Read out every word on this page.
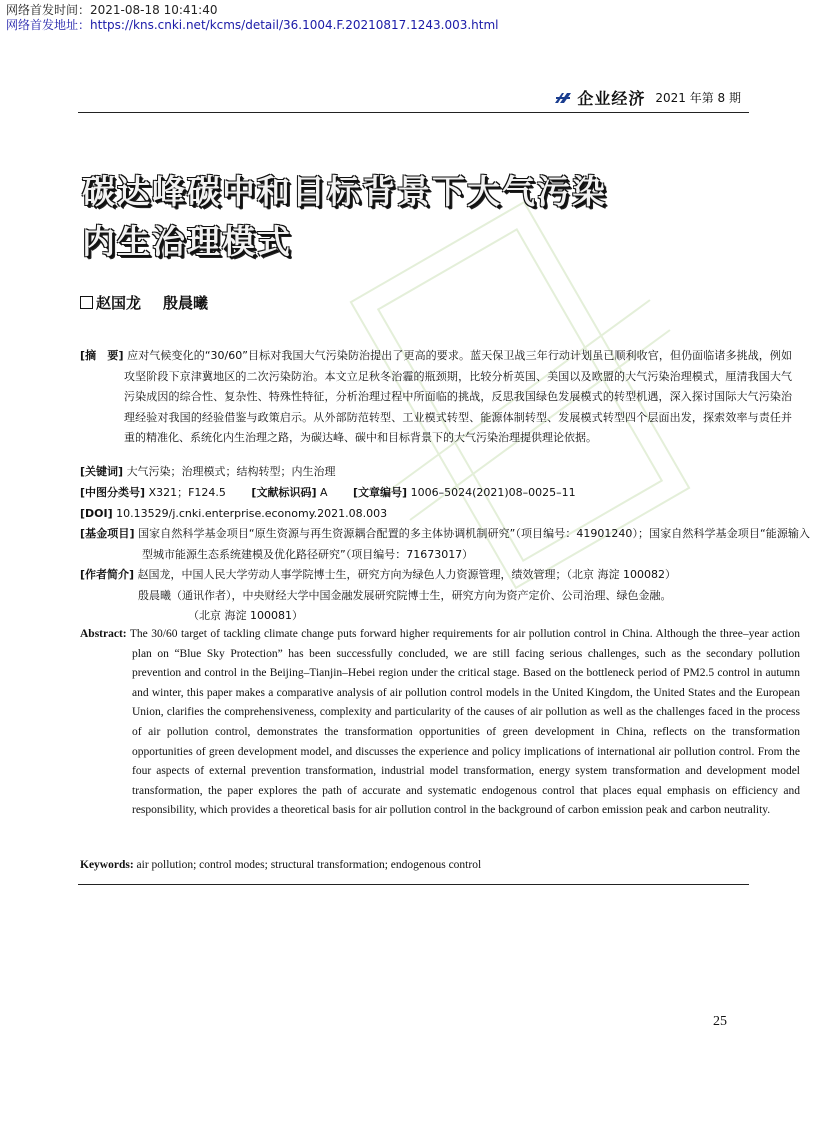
网络首发时间：2021-08-18 10:41:40
网络首发地址：https://kns.cnki.net/kcms/detail/36.1004.F.20210817.1243.003.html
企业经济 2021 年第 8 期
碳达峰碳中和目标背景下大气污染
内生治理模式
赵国龙 殷晨曦
[摘　要] 应对气候变化的“30/60”目标对我国大气污染防治提出了更高的要求。蓝天保卫战三年行动计划虽已顺利收官，但仍面临诸多挑战，例如攻坚阶段下京津冀地区的二次污染防治。本文立足秋冬治霾的瓶颈期，比较分析英国、美国以及欧盟的大气污染治理模式，厘清我国大气污染成因的综合性、复杂性、特殊性特征，分析治理过程中所面临的挑战，反思我国绿色发展模式的转型机遇，深入探讨国际大气污染治理经验对我国的经验借鉴与政策启示。从外部防范转型、工业模式转型、能源体制转型、发展模式转型四个层面出发，探索效率与责任并重的精准化、系统化内生治理之路，为碳达峰、碳中和目标背景下的大气污染治理提供理论依据。
[关键词] 大气污染；治理模式；结构转型；内生治理
[中图分类号] X321；F124.5 [文献标识码] A [文章编号] 1006–5024(2021)08–0025–11
[DOI] 10.13529/j.cnki.enterprise.economy.2021.08.003
[基金项目] 国家自然科学基金项目“原生资源与再生资源耦合配置的多主体协调机制研究”（项目编号：41901240）；国家自然科学基金项目“能源输入型城市能源生态系统建模及优化路径研究”（项目编号：71673017）
[作者简介] 赵国龙，中国人民大学劳动人事学院博士生，研究方向为绿色人力资源管理，绩效管理；（北京 海淀 100082）
殷晨曦（通讯作者），中央财经大学中国金融发展研究院博士生，研究方向为资产定价、公司治理、绿色金融。
（北京 海淀 100081）
Abstract: The 30/60 target of tackling climate change puts forward higher requirements for air pollution control in China. Although the three–year action plan on “Blue Sky Protection” has been successfully concluded, we are still facing serious challenges, such as the secondary pollution prevention and control in the Beijing–Tianjin–Hebei region under the critical stage. Based on the bottleneck period of PM2.5 control in autumn and winter, this paper makes a comparative analysis of air pollution control models in the United Kingdom, the United States and the European Union, clarifies the comprehensiveness, complexity and particularity of the causes of air pollution as well as the challenges faced in the process of air pollution control, demonstrates the transformation opportunities of green development in China, reflects on the transformation opportunities of green development model, and discusses the experience and policy implications of international air pollution control. From the four aspects of external prevention transformation, industrial model transformation, energy system transformation and development model transformation, the paper explores the path of accurate and systematic endogenous control that places equal emphasis on efficiency and responsibility, which provides a theoretical basis for air pollution control in the background of carbon emission peak and carbon neutrality.
Keywords: air pollution; control modes; structural transformation; endogenous control
25
